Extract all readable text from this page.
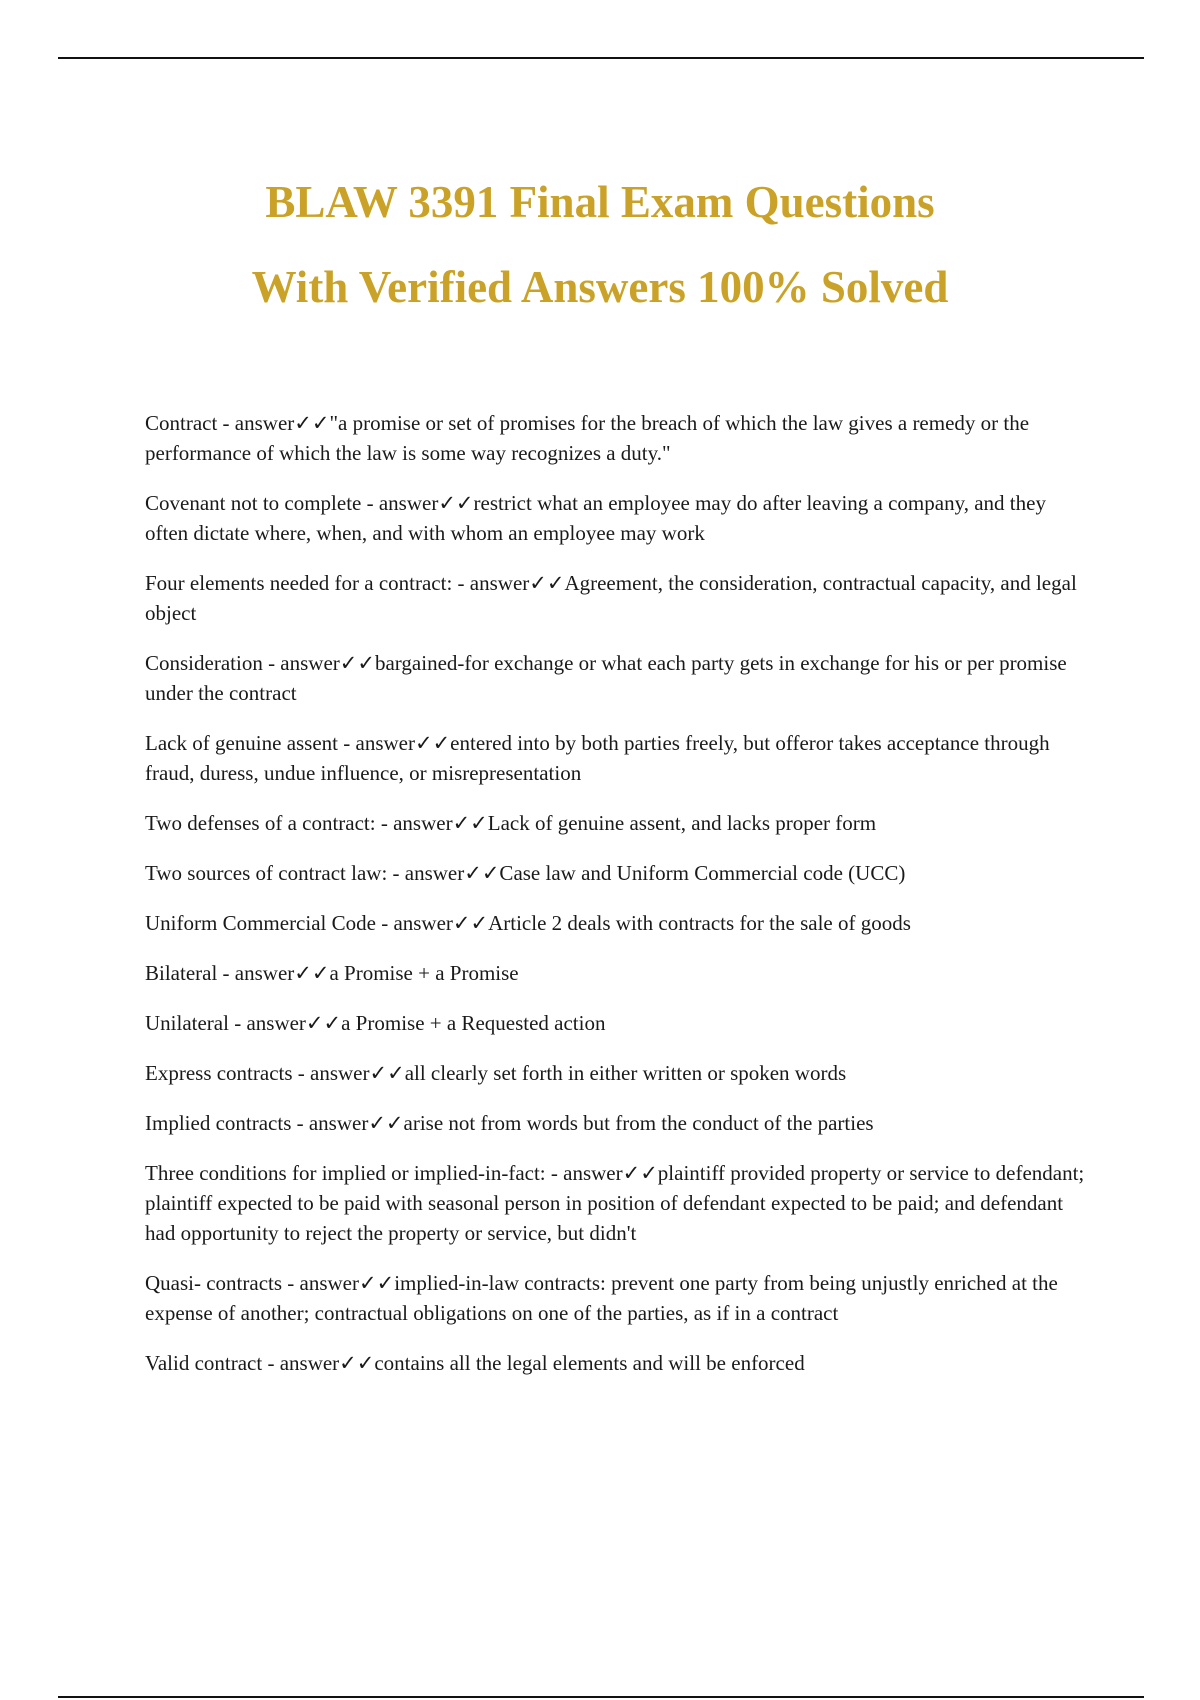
BLAW 3391 Final Exam Questions
With Verified Answers 100% Solved

Contract - answer✓✓"a promise or set of promises for the breach of which the law gives a remedy or the performance of which the law is some way recognizes a duty."

Covenant not to complete - answer✓✓restrict what an employee may do after leaving a company, and they often dictate where, when, and with whom an employee may work

Four elements needed for a contract: - answer✓✓Agreement, the consideration, contractual capacity, and legal object

Consideration - answer✓✓bargained-for exchange or what each party gets in exchange for his or per promise under the contract

Lack of genuine assent - answer✓✓entered into by both parties freely, but offeror takes acceptance through fraud, duress, undue influence, or misrepresentation

Two defenses of a contract: - answer✓✓Lack of genuine assent, and lacks proper form

Two sources of contract law: - answer✓✓Case law and Uniform Commercial code (UCC)

Uniform Commercial Code - answer✓✓Article 2 deals with contracts for the sale of goods

Bilateral - answer✓✓a Promise + a Promise

Unilateral - answer✓✓a Promise + a Requested action

Express contracts - answer✓✓all clearly set forth in either written or spoken words

Implied contracts - answer✓✓arise not from words but from the conduct of the parties

Three conditions for implied or implied-in-fact: - answer✓✓plaintiff provided property or service to defendant; plaintiff expected to be paid with seasonal person in position of defendant expected to be paid; and defendant had opportunity to reject the property or service, but didn't

Quasi- contracts - answer✓✓implied-in-law contracts: prevent one party from being unjustly enriched at the expense of another; contractual obligations on one of the parties, as if in a contract

Valid contract - answer✓✓contains all the legal elements and will be enforced
